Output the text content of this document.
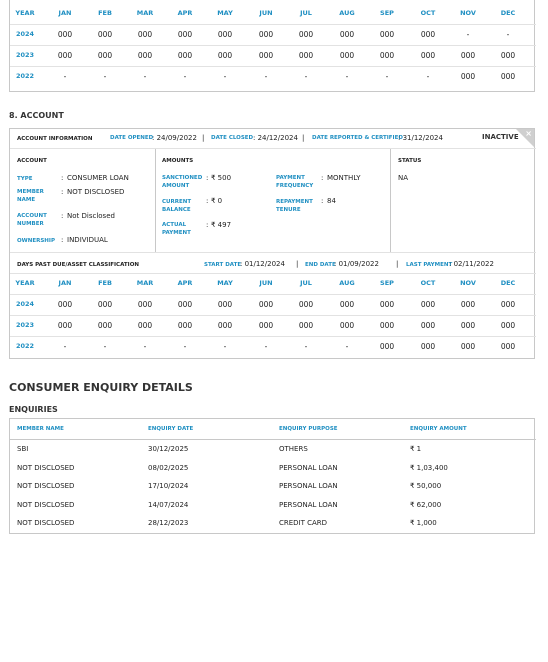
YEAR	JAN	FEB	MAR	APR	MAY	JUN	JUL	AUG	SEP	OCT	NOV	DEC
2024	000	000	000	000	000	000	000	000	000	000	-	-
2023	000	000	000	000	000	000	000	000	000	000	000	000
2022	-	-	-	-	-	-	-	-	-	-	000	000
8. ACCOUNT
ACCOUNT INFORMATION	DATE OPENED
: 24/09/2022 | DATE CLOSED : 24/12/2024 | DATE REPORTED & CERTIFIED
: 31/12/2024	INACTIVE ×
ACCOUNT
TYPE	: CONSUMER LOAN
MEMBER NAME
: NOT DISCLOSED
ACCOUNT NUMBER
: Not Disclosed
OWNERSHIP : INDIVIDUAL
AMOUNTS
SANCTIONED AMOUNT
: ₹ 500
CURRENT BALANCE
: ₹ 0
ACTUAL PAYMENT
: ₹ 497
PAYMENT FREQUENCY
: MONTHLY
REPAYMENT TENURE
: 84
STATUS
NA
DAYS PAST DUE/ASSET CLASSIFICATION	START DATE
: 01/12/2024 | END DATE
: 01/09/2022 | LAST PAYMENT
: 02/11/2022
YEAR	JAN	FEB	MAR	APR	MAY	JUN	JUL	AUG	SEP	OCT	NOV	DEC
2024	000	000	000	000	000	000	000	000	000	000	000	000
2023	000	000	000	000	000	000	000	000	000	000	000	000
2022	-	-	-	-	-	-	-	-	000	000	000	000
CONSUMER ENQUIRY DETAILS
ENQUIRIES
MEMBER NAME	ENQUIRY DATE	ENQUIRY PURPOSE	ENQUIRY AMOUNT
SBI	30/12/2025	OTHERS	₹ 1
NOT DISCLOSED	08/02/2025	PERSONAL LOAN	₹ 1,03,400
NOT DISCLOSED	17/10/2024	PERSONAL LOAN	₹ 50,000
NOT DISCLOSED	14/07/2024	PERSONAL LOAN	₹ 62,000
NOT DISCLOSED	28/12/2023	CREDIT CARD	₹ 1,000
